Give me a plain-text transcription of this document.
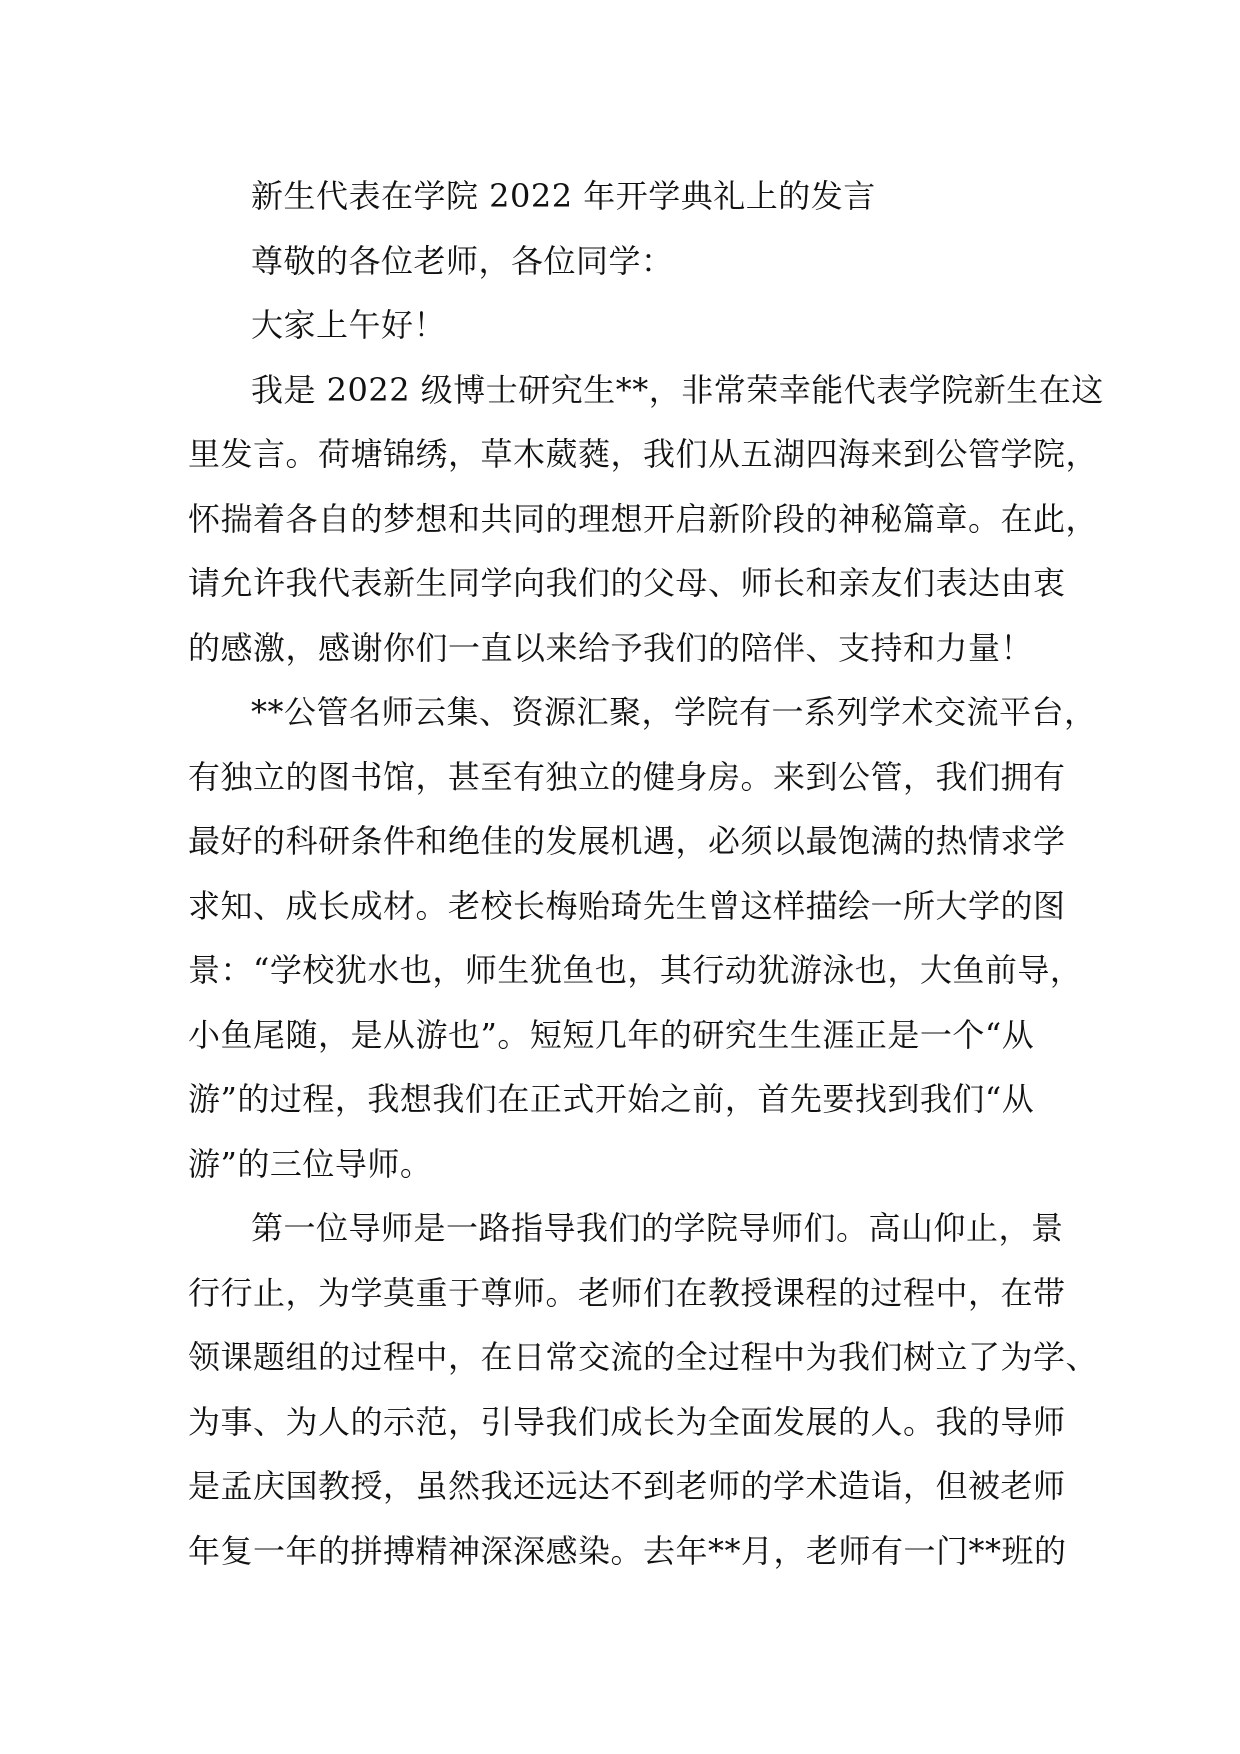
新生代表在学院 2022 年开学典礼上的发言
尊敬的各位老师，各位同学：
大家上午好！
我是 2022 级博士研究生**，非常荣幸能代表学院新生在这
里发言。荷塘锦绣，草木葳蕤，我们从五湖四海来到公管学院，
怀揣着各自的梦想和共同的理想开启新阶段的神秘篇章。在此，
请允许我代表新生同学向我们的父母、师长和亲友们表达由衷
的感激，感谢你们一直以来给予我们的陪伴、支持和力量！
**公管名师云集、资源汇聚，学院有一系列学术交流平台，
有独立的图书馆，甚至有独立的健身房。来到公管，我们拥有
最好的科研条件和绝佳的发展机遇，必须以最饱满的热情求学
求知、成长成材。老校长梅贻琦先生曾这样描绘一所大学的图
景：“学校犹水也，师生犹鱼也，其行动犹游泳也，大鱼前导，
小鱼尾随，是从游也”。短短几年的研究生生涯正是一个“从
游”的过程，我想我们在正式开始之前，首先要找到我们“从
游”的三位导师。
第一位导师是一路指导我们的学院导师们。高山仰止，景
行行止，为学莫重于尊师。老师们在教授课程的过程中，在带
领课题组的过程中，在日常交流的全过程中为我们树立了为学、
为事、为人的示范，引导我们成长为全面发展的人。我的导师
是孟庆国教授，虽然我还远达不到老师的学术造诣，但被老师
年复一年的拼搏精神深深感染。去年**月，老师有一门**班的
